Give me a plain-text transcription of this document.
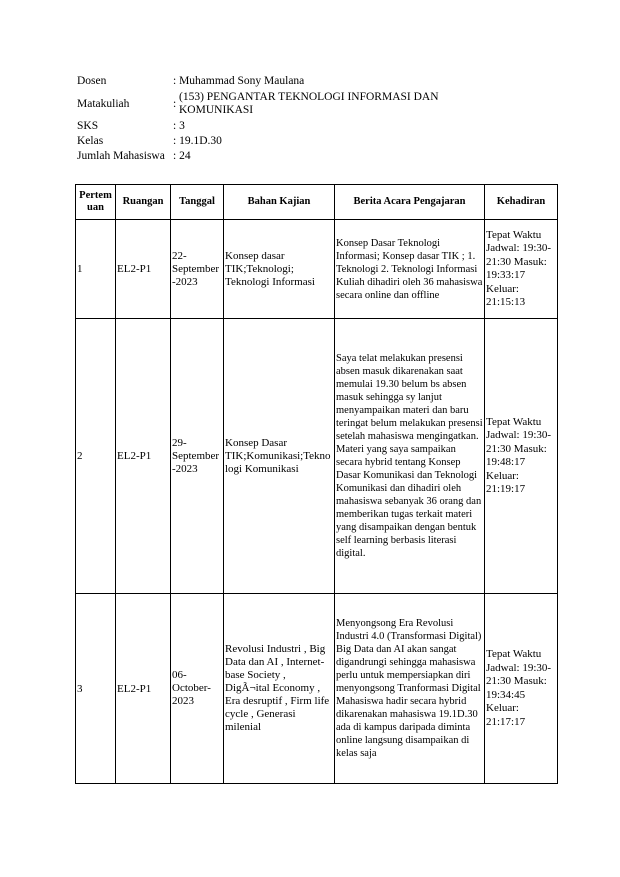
Dosen	: Muhammad Sony Maulana
Matakuliah	:
(153) PENGANTAR TEKNOLOGI INFORMASI DAN KOMUNIKASI
SKS	: 3
Kelas	: 19.1D.30
Jumlah Mahasiswa : 24
Pertemuan	Ruangan	Tanggal	Bahan Kajian	Berita Acara Pengajaran	Kehadiran
1	EL2-P1	22-September-2023	Konsep dasar TIK;Teknologi; Teknologi Informasi	Konsep Dasar Teknologi Informasi; Konsep dasar TIK ; 1. Teknologi 2. Teknologi Informasi Kuliah dihadiri oleh 36 mahasiswa secara online dan offline	Tepat Waktu Jadwal: 19:30-21:30 Masuk: 19:33:17 Keluar: 21:15:13
2	EL2-P1	29-September-2023	Konsep Dasar TIK;Komunikasi;Teknologi Komunikasi	Saya telat melakukan presensi absen masuk dikarenakan saat memulai 19.30 belum bs absen masuk sehingga sy lanjut menyampaikan materi dan baru teringat belum melakukan presensi setelah mahasiswa mengingatkan. Materi yang saya sampaikan secara hybrid tentang Konsep Dasar Komunikasi dan Teknologi Komunikasi dan dihadiri oleh mahasiswa sebanyak 36 orang dan memberikan tugas terkait materi yang disampaikan dengan bentuk self learning berbasis literasi digital.	Tepat Waktu Jadwal: 19:30-21:30 Masuk: 19:48:17 Keluar: 21:19:17
3	EL2-P1	06-October-2023	Revolusi Industri , Big Data dan AI , Internet-base Society , DigÃ¬ital Economy , Era desruptif , Firm life cycle , Generasi milenial	Menyongsong Era Revolusi Industri 4.0 (Transformasi Digital) Big Data dan AI akan sangat digandrungi sehingga mahasiswa perlu untuk mempersiapkan diri menyongsong Tranformasi Digital Mahasiswa hadir secara hybrid dikarenakan mahasiswa 19.1D.30 ada di kampus daripada diminta online langsung disampaikan di kelas saja	Tepat Waktu Jadwal: 19:30-21:30 Masuk: 19:34:45 Keluar: 21:17:17
